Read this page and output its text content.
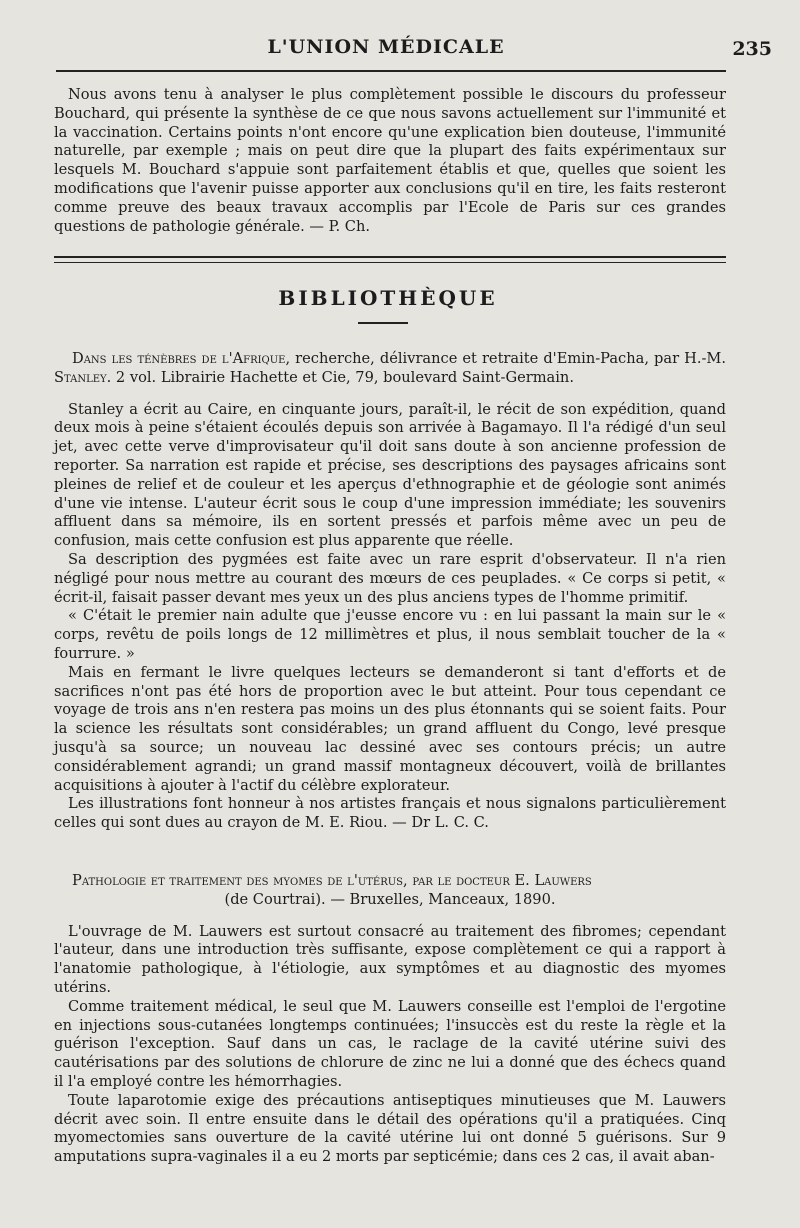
L'UNION MÉDICALE	235

Nous avons tenu à analyser le plus complètement possible le discours du professeur Bouchard, qui présente la synthèse de ce que nous savons actuellement sur l'immunité et la vaccination. Certains points n'ont encore qu'une explication bien douteuse, l'immunité naturelle, par exemple ; mais on peut dire que la plupart des faits expérimentaux sur lesquels M. Bouchard s'appuie sont parfaitement établis et que, quelles que soient les modifications que l'avenir puisse apporter aux conclusions qu'il en tire, les faits resteront comme preuve des beaux travaux accomplis par l'Ecole de Paris sur ces grandes questions de pathologie générale. — P. Ch.

BIBLIOTHÈQUE

Dans les ténèbres de l'Afrique, recherche, délivrance et retraite d'Emin-Pacha, par H.-M. Stanley. 2 vol. Librairie Hachette et Cie, 79, boulevard Saint-Germain.

Stanley a écrit au Caire, en cinquante jours, paraît-il, le récit de son expédition, quand deux mois à peine s'étaient écoulés depuis son arrivée à Bagamayo. Il l'a rédigé d'un seul jet, avec cette verve d'improvisateur qu'il doit sans doute à son ancienne profession de reporter. Sa narration est rapide et précise, ses descriptions des paysages africains sont pleines de relief et de couleur et les aperçus d'ethnographie et de géologie sont animés d'une vie intense. L'auteur écrit sous le coup d'une impression immédiate; les souvenirs affluent dans sa mémoire, ils en sortent pressés et parfois même avec un peu de confusion, mais cette confusion est plus apparente que réelle.

Sa description des pygmées est faite avec un rare esprit d'observateur. Il n'a rien négligé pour nous mettre au courant des mœurs de ces peuplades. « Ce corps si petit, « écrit-il, faisait passer devant mes yeux un des plus anciens types de l'homme primitif.

« C'était le premier nain adulte que j'eusse encore vu : en lui passant la main sur le « corps, revêtu de poils longs de 12 millimètres et plus, il nous semblait toucher de la « fourrure. »

Mais en fermant le livre quelques lecteurs se demanderont si tant d'efforts et de sacrifices n'ont pas été hors de proportion avec le but atteint. Pour tous cependant ce voyage de trois ans n'en restera pas moins un des plus étonnants qui se soient faits. Pour la science les résultats sont considérables; un grand affluent du Congo, levé presque jusqu'à sa source; un nouveau lac dessiné avec ses contours précis; un autre considérablement agrandi; un grand massif montagneux découvert, voilà de brillantes acquisitions à ajouter à l'actif du célèbre explorateur.

Les illustrations font honneur à nos artistes français et nous signalons particulièrement celles qui sont dues au crayon de M. E. Riou. — Dr L. C. C.

Pathologie et traitement des myomes de l'utérus, par le docteur E. Lauwers

(de Courtrai). — Bruxelles, Manceaux, 1890.

L'ouvrage de M. Lauwers est surtout consacré au traitement des fibromes; cependant l'auteur, dans une introduction très suffisante, expose complètement ce qui a rapport à l'anatomie pathologique, à l'étiologie, aux symptômes et au diagnostic des myomes utérins.

Comme traitement médical, le seul que M. Lauwers conseille est l'emploi de l'ergotine en injections sous-cutanées longtemps continuées; l'insuccès est du reste la règle et la guérison l'exception. Sauf dans un cas, le raclage de la cavité utérine suivi des cautérisations par des solutions de chlorure de zinc ne lui a donné que des échecs quand il l'a employé contre les hémorrhagies.

Toute laparotomie exige des précautions antiseptiques minutieuses que M. Lauwers décrit avec soin. Il entre ensuite dans le détail des opérations qu'il a pratiquées. Cinq myomectomies sans ouverture de la cavité utérine lui ont donné 5 guérisons. Sur 9 amputations supra-vaginales il a eu 2 morts par septicémie; dans ces 2 cas, il avait aban-
